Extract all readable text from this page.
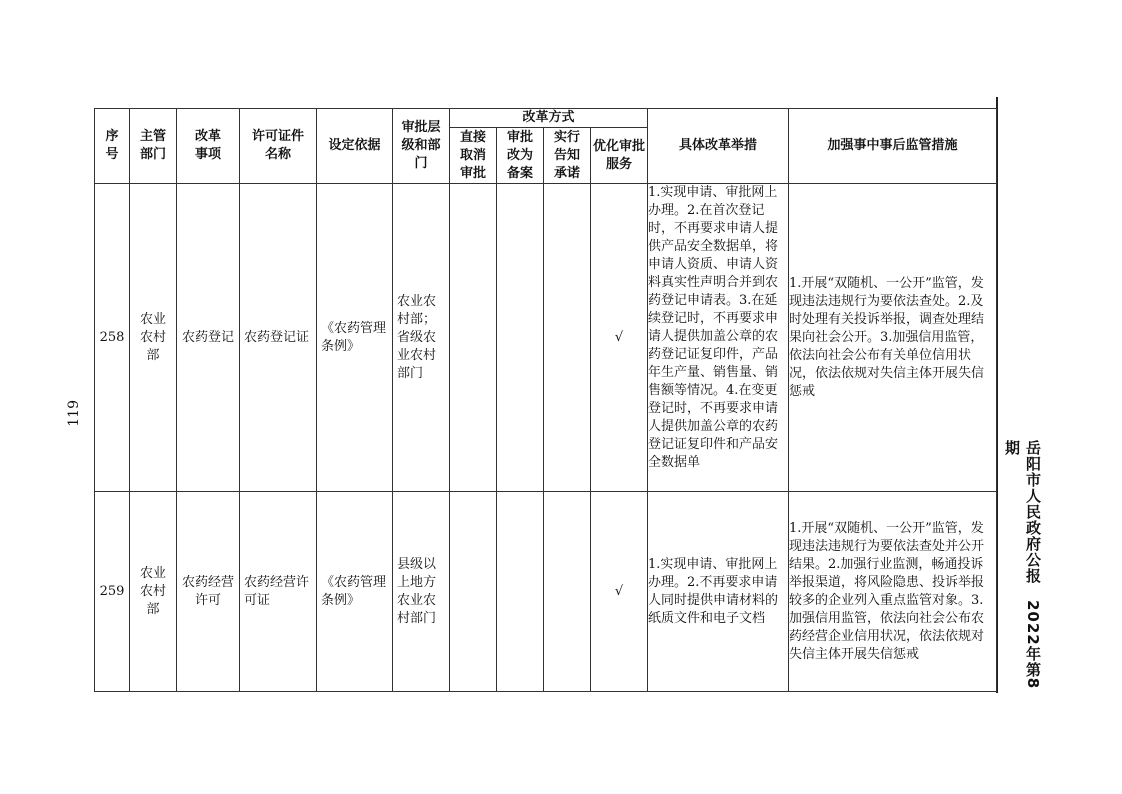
119
岳阳市人民政府公报　2022年第8期
序号	主管部门	改革事项	许可证件名称	设定依据	审批层级和部门	改革方式				具体改革举措	加强事中事后监管措施

						直接取消审批	审批改为备案	实行告知承诺	优化审批服务		

258	农业农村部	农药登记	农药登记证	《农药管理条例》	农业农村部；省级农业农村部门				√	1.实现申请、审批网上办理。2.在首次登记时，不再要求申请人提供产品安全数据单，将申请人资质、申请人资料真实性声明合并到农药登记申请表。3.在延续登记时，不再要求申请人提供加盖公章的农药登记证复印件，产品年生产量、销售量、销售额等情况。4.在变更登记时，不再要求申请人提供加盖公章的农药登记证复印件和产品安全数据单	1.开展“双随机、一公开”监管，发现违法违规行为要依法查处。2.及时处理有关投诉举报，调查处理结果向社会公开。3.加强信用监管，依法向社会公布有关单位信用状况，依法依规对失信主体开展失信惩戒
259	农业农村部	农药经营许可	农药经营许可证	《农药管理条例》	县级以上地方农业农村部门				√	1.实现申请、审批网上办理。2.不再要求申请人同时提供申请材料的纸质文件和电子文档	1.开展“双随机、一公开”监管，发现违法违规行为要依法查处并公开结果。2.加强行业监测，畅通投诉举报渠道，将风险隐患、投诉举报较多的企业列入重点监管对象。3.加强信用监管，依法向社会公布农药经营企业信用状况，依法依规对失信主体开展失信惩戒
